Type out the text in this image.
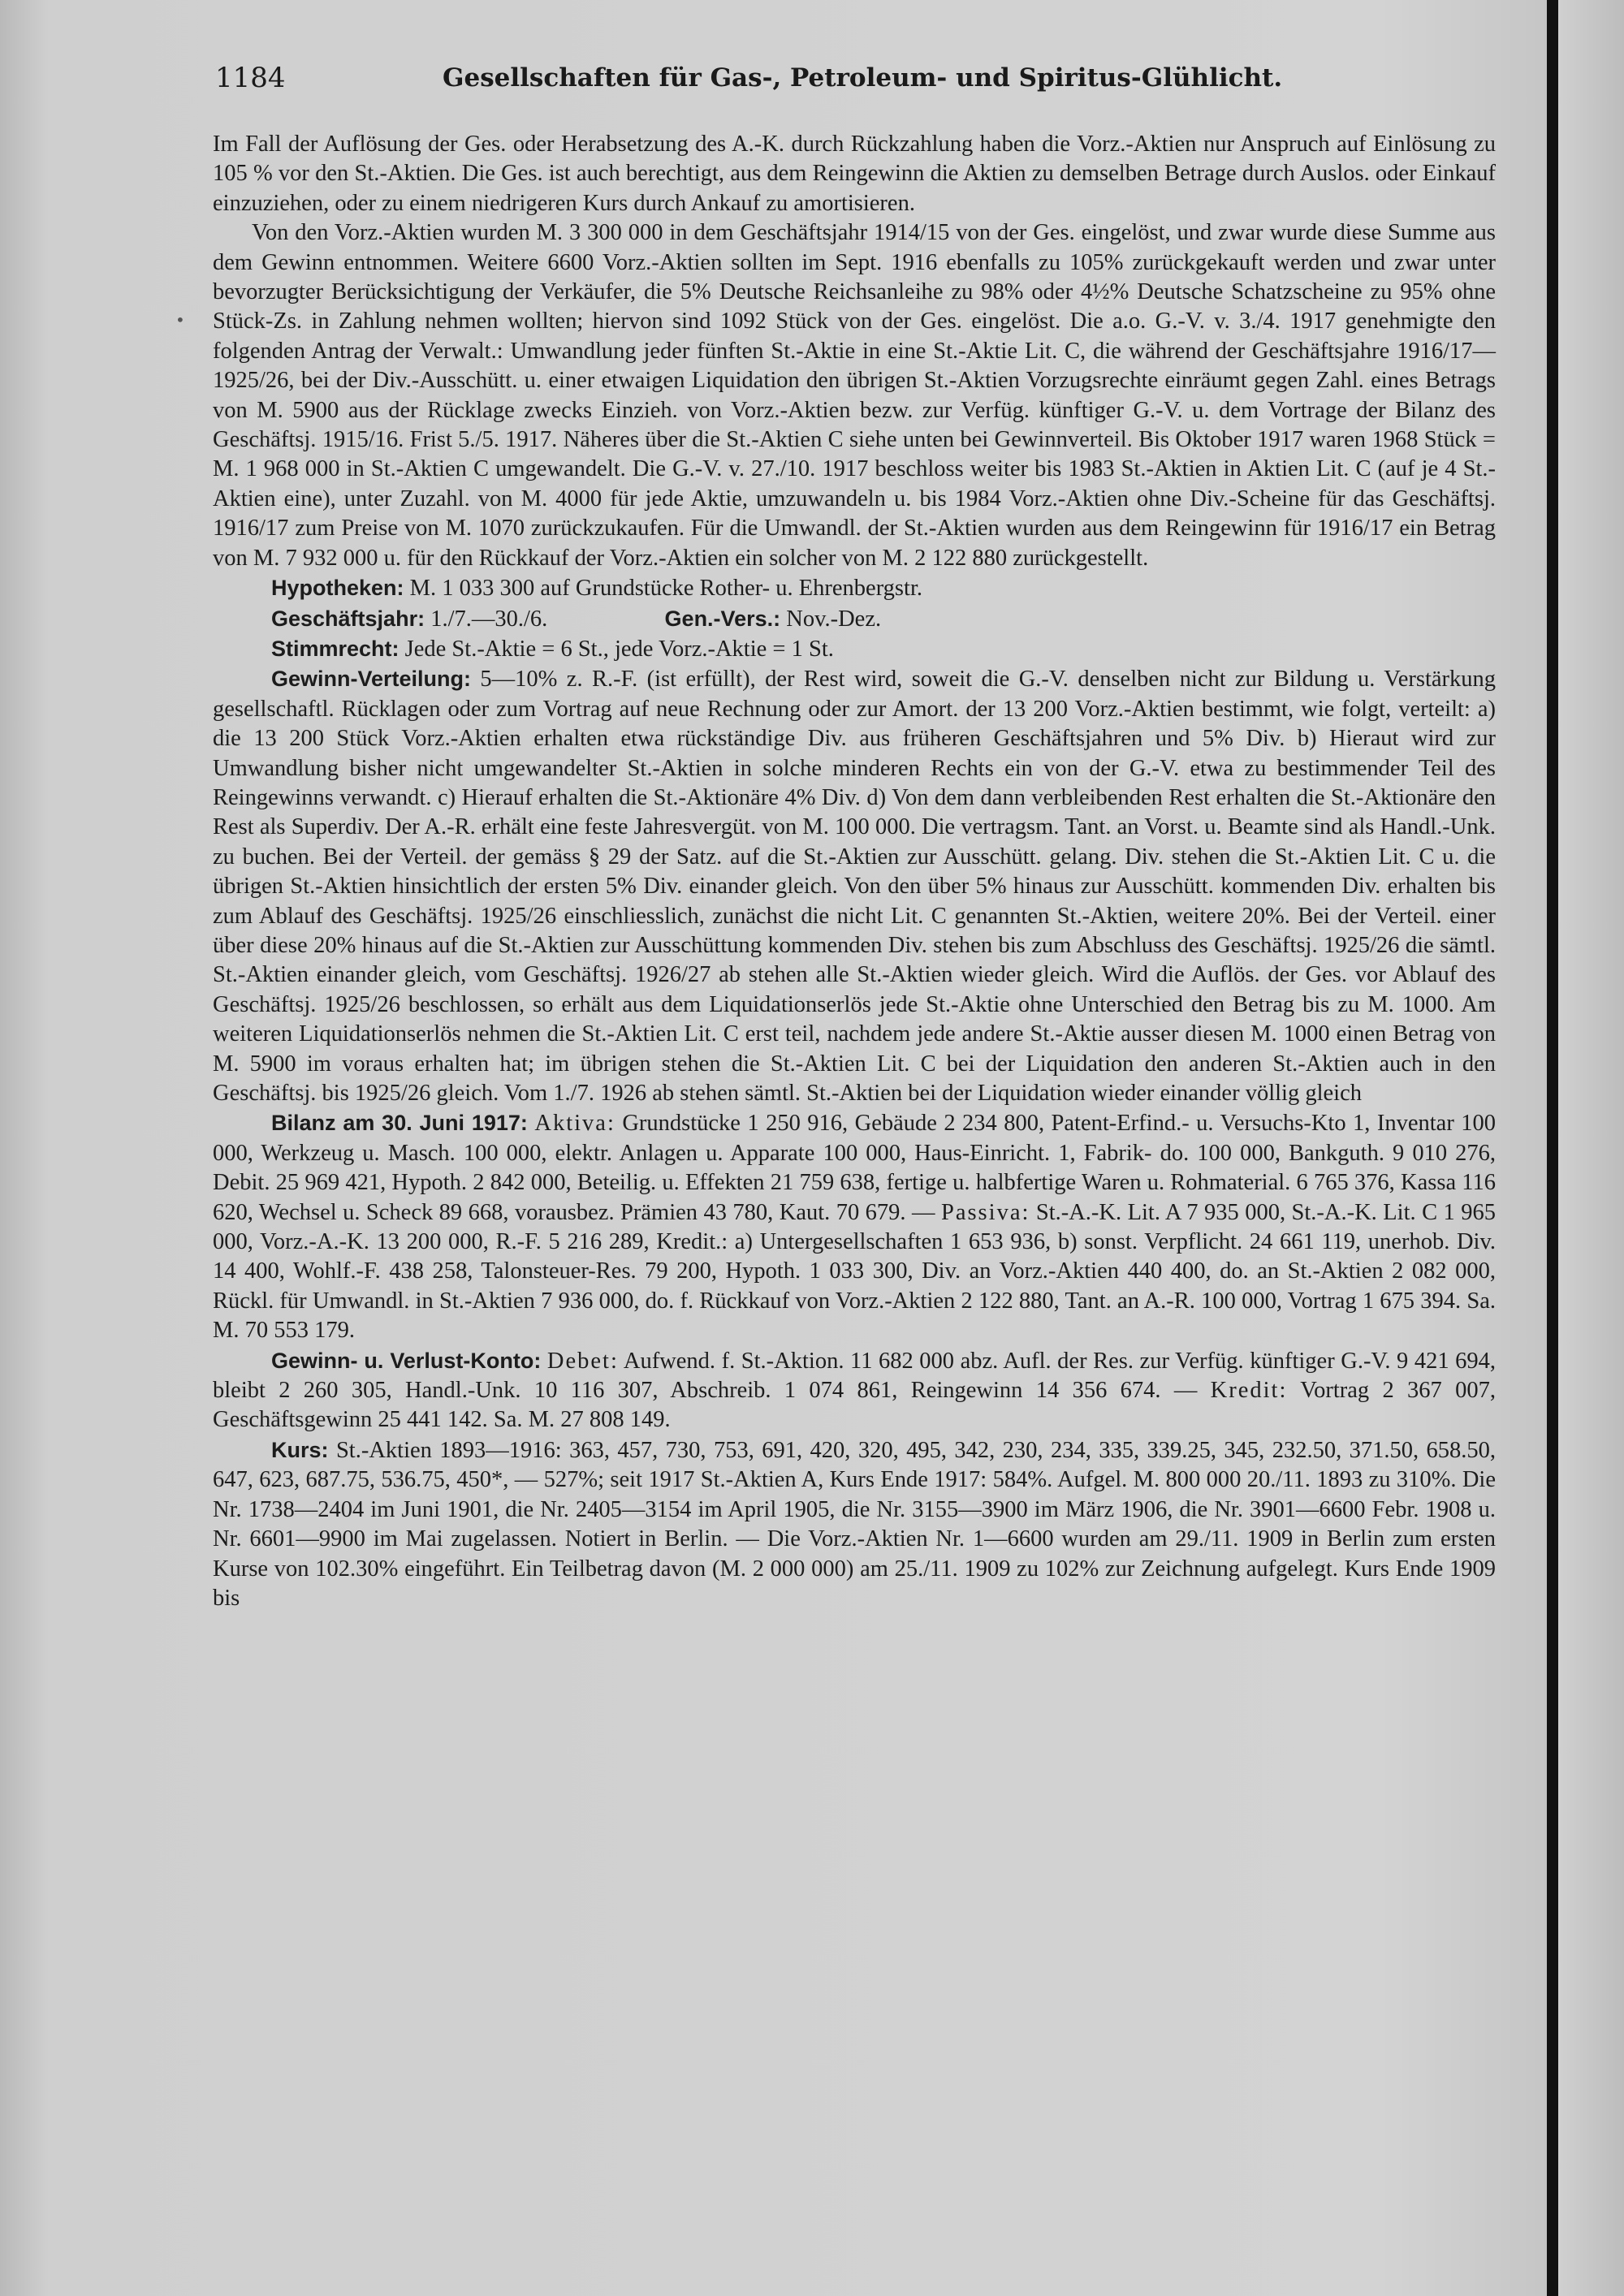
•
1184	Gesellschaften für Gas-, Petroleum- und Spiritus-Glühlicht.

Im Fall der Auflösung der Ges. oder Herabsetzung des A.-K. durch Rückzahlung haben die Vorz.-Aktien nur Anspruch auf Einlösung zu 105 % vor den St.-Aktien. Die Ges. ist auch berechtigt, aus dem Reingewinn die Aktien zu demselben Betrage durch Auslos. oder Einkauf einzuziehen, oder zu einem niedrigeren Kurs durch Ankauf zu amortisieren.

Von den Vorz.-Aktien wurden M. 3 300 000 in dem Geschäftsjahr 1914/15 von der Ges. eingelöst, und zwar wurde diese Summe aus dem Gewinn entnommen. Weitere 6600 Vorz.-Aktien sollten im Sept. 1916 ebenfalls zu 105% zurückgekauft werden und zwar unter bevorzugter Berücksichtigung der Verkäufer, die 5% Deutsche Reichsanleihe zu 98% oder 4½% Deutsche Schatzscheine zu 95% ohne Stück-Zs. in Zahlung nehmen wollten; hiervon sind 1092 Stück von der Ges. eingelöst. Die a.o. G.-V. v. 3./4. 1917 genehmigte den folgenden Antrag der Verwalt.: Umwandlung jeder fünften St.-Aktie in eine St.-Aktie Lit. C, die während der Geschäftsjahre 1916/17—1925/26, bei der Div.-Ausschütt. u. einer etwaigen Liquidation den übrigen St.-Aktien Vorzugsrechte einräumt gegen Zahl. eines Betrags von M. 5900 aus der Rücklage zwecks Einzieh. von Vorz.-Aktien bezw. zur Verfüg. künftiger G.-V. u. dem Vortrage der Bilanz des Geschäftsj. 1915/16. Frist 5./5. 1917. Näheres über die St.-Aktien C siehe unten bei Gewinnverteil. Bis Oktober 1917 waren 1968 Stück = M. 1 968 000 in St.-Aktien C umgewandelt. Die G.-V. v. 27./10. 1917 beschloss weiter bis 1983 St.-Aktien in Aktien Lit. C (auf je 4 St.-Aktien eine), unter Zuzahl. von M. 4000 für jede Aktie, umzuwandeln u. bis 1984 Vorz.-Aktien ohne Div.-Scheine für das Geschäftsj. 1916/17 zum Preise von M. 1070 zurückzukaufen. Für die Umwandl. der St.-Aktien wurden aus dem Reingewinn für 1916/17 ein Betrag von M. 7 932 000 u. für den Rückkauf der Vorz.-Aktien ein solcher von M. 2 122 880 zurückgestellt.

Hypotheken: M. 1 033 300 auf Grundstücke Rother- u. Ehrenbergstr.

Geschäftsjahr: 1./7.—30./6.	Gen.-Vers.: Nov.-Dez.

Stimmrecht: Jede St.-Aktie = 6 St., jede Vorz.-Aktie = 1 St.

Gewinn-Verteilung: 5—10% z. R.-F. (ist erfüllt), der Rest wird, soweit die G.-V. denselben nicht zur Bildung u. Verstärkung gesellschaftl. Rücklagen oder zum Vortrag auf neue Rechnung oder zur Amort. der 13 200 Vorz.-Aktien bestimmt, wie folgt, verteilt: a) die 13 200 Stück Vorz.-Aktien erhalten etwa rückständige Div. aus früheren Geschäftsjahren und 5% Div. b) Hieraut wird zur Umwandlung bisher nicht umgewandelter St.-Aktien in solche minderen Rechts ein von der G.-V. etwa zu bestimmender Teil des Reingewinns verwandt. c) Hierauf erhalten die St.-Aktionäre 4% Div. d) Von dem dann verbleibenden Rest erhalten die St.-Aktionäre den Rest als Superdiv. Der A.-R. erhält eine feste Jahresvergüt. von M. 100 000. Die vertragsm. Tant. an Vorst. u. Beamte sind als Handl.-Unk. zu buchen. Bei der Verteil. der gemäss § 29 der Satz. auf die St.-Aktien zur Ausschütt. gelang. Div. stehen die St.-Aktien Lit. C u. die übrigen St.-Aktien hinsichtlich der ersten 5% Div. einander gleich. Von den über 5% hinaus zur Ausschütt. kommenden Div. erhalten bis zum Ablauf des Geschäftsj. 1925/26 einschliesslich, zunächst die nicht Lit. C genannten St.-Aktien, weitere 20%. Bei der Verteil. einer über diese 20% hinaus auf die St.-Aktien zur Ausschüttung kommenden Div. stehen bis zum Abschluss des Geschäftsj. 1925/26 die sämtl. St.-Aktien einander gleich, vom Geschäftsj. 1926/27 ab stehen alle St.-Aktien wieder gleich. Wird die Auflös. der Ges. vor Ablauf des Geschäftsj. 1925/26 beschlossen, so erhält aus dem Liquidationserlös jede St.-Aktie ohne Unterschied den Betrag bis zu M. 1000. Am weiteren Liquidationserlös nehmen die St.-Aktien Lit. C erst teil, nachdem jede andere St.-Aktie ausser diesen M. 1000 einen Betrag von M. 5900 im voraus erhalten hat; im übrigen stehen die St.-Aktien Lit. C bei der Liquidation den anderen St.-Aktien auch in den Geschäftsj. bis 1925/26 gleich. Vom 1./7. 1926 ab stehen sämtl. St.-Aktien bei der Liquidation wieder einander völlig gleich

Bilanz am 30. Juni 1917: Aktiva: Grundstücke 1 250 916, Gebäude 2 234 800, Patent-Erfind.- u. Versuchs-Kto 1, Inventar 100 000, Werkzeug u. Masch. 100 000, elektr. Anlagen u. Apparate 100 000, Haus-Einricht. 1, Fabrik- do. 100 000, Bankguth. 9 010 276, Debit. 25 969 421, Hypoth. 2 842 000, Beteilig. u. Effekten 21 759 638, fertige u. halbfertige Waren u. Rohmaterial. 6 765 376, Kassa 116 620, Wechsel u. Scheck 89 668, vorausbez. Prämien 43 780, Kaut. 70 679. — Passiva: St.-A.-K. Lit. A 7 935 000, St.-A.-K. Lit. C 1 965 000, Vorz.-A.-K. 13 200 000, R.-F. 5 216 289, Kredit.: a) Untergesellschaften 1 653 936, b) sonst. Verpflicht. 24 661 119, unerhob. Div. 14 400, Wohlf.-F. 438 258, Talonsteuer-Res. 79 200, Hypoth. 1 033 300, Div. an Vorz.-Aktien 440 400, do. an St.-Aktien 2 082 000, Rückl. für Umwandl. in St.-Aktien 7 936 000, do. f. Rückkauf von Vorz.-Aktien 2 122 880, Tant. an A.-R. 100 000, Vortrag 1 675 394. Sa. M. 70 553 179.

Gewinn- u. Verlust-Konto: Debet: Aufwend. f. St.-Aktion. 11 682 000 abz. Aufl. der Res. zur Verfüg. künftiger G.-V. 9 421 694, bleibt 2 260 305, Handl.-Unk. 10 116 307, Abschreib. 1 074 861, Reingewinn 14 356 674. — Kredit: Vortrag 2 367 007, Geschäftsgewinn 25 441 142. Sa. M. 27 808 149.

Kurs: St.-Aktien 1893—1916: 363, 457, 730, 753, 691, 420, 320, 495, 342, 230, 234, 335, 339.25, 345, 232.50, 371.50, 658.50, 647, 623, 687.75, 536.75, 450*, — 527%; seit 1917 St.-Aktien A, Kurs Ende 1917: 584%. Aufgel. M. 800 000 20./11. 1893 zu 310%. Die Nr. 1738—2404 im Juni 1901, die Nr. 2405—3154 im April 1905, die Nr. 3155—3900 im März 1906, die Nr. 3901—6600 Febr. 1908 u. Nr. 6601—9900 im Mai zugelassen. Notiert in Berlin. — Die Vorz.-Aktien Nr. 1—6600 wurden am 29./11. 1909 in Berlin zum ersten Kurse von 102.30% eingeführt. Ein Teilbetrag davon (M. 2 000 000) am 25./11. 1909 zu 102% zur Zeichnung aufgelegt. Kurs Ende 1909 bis
